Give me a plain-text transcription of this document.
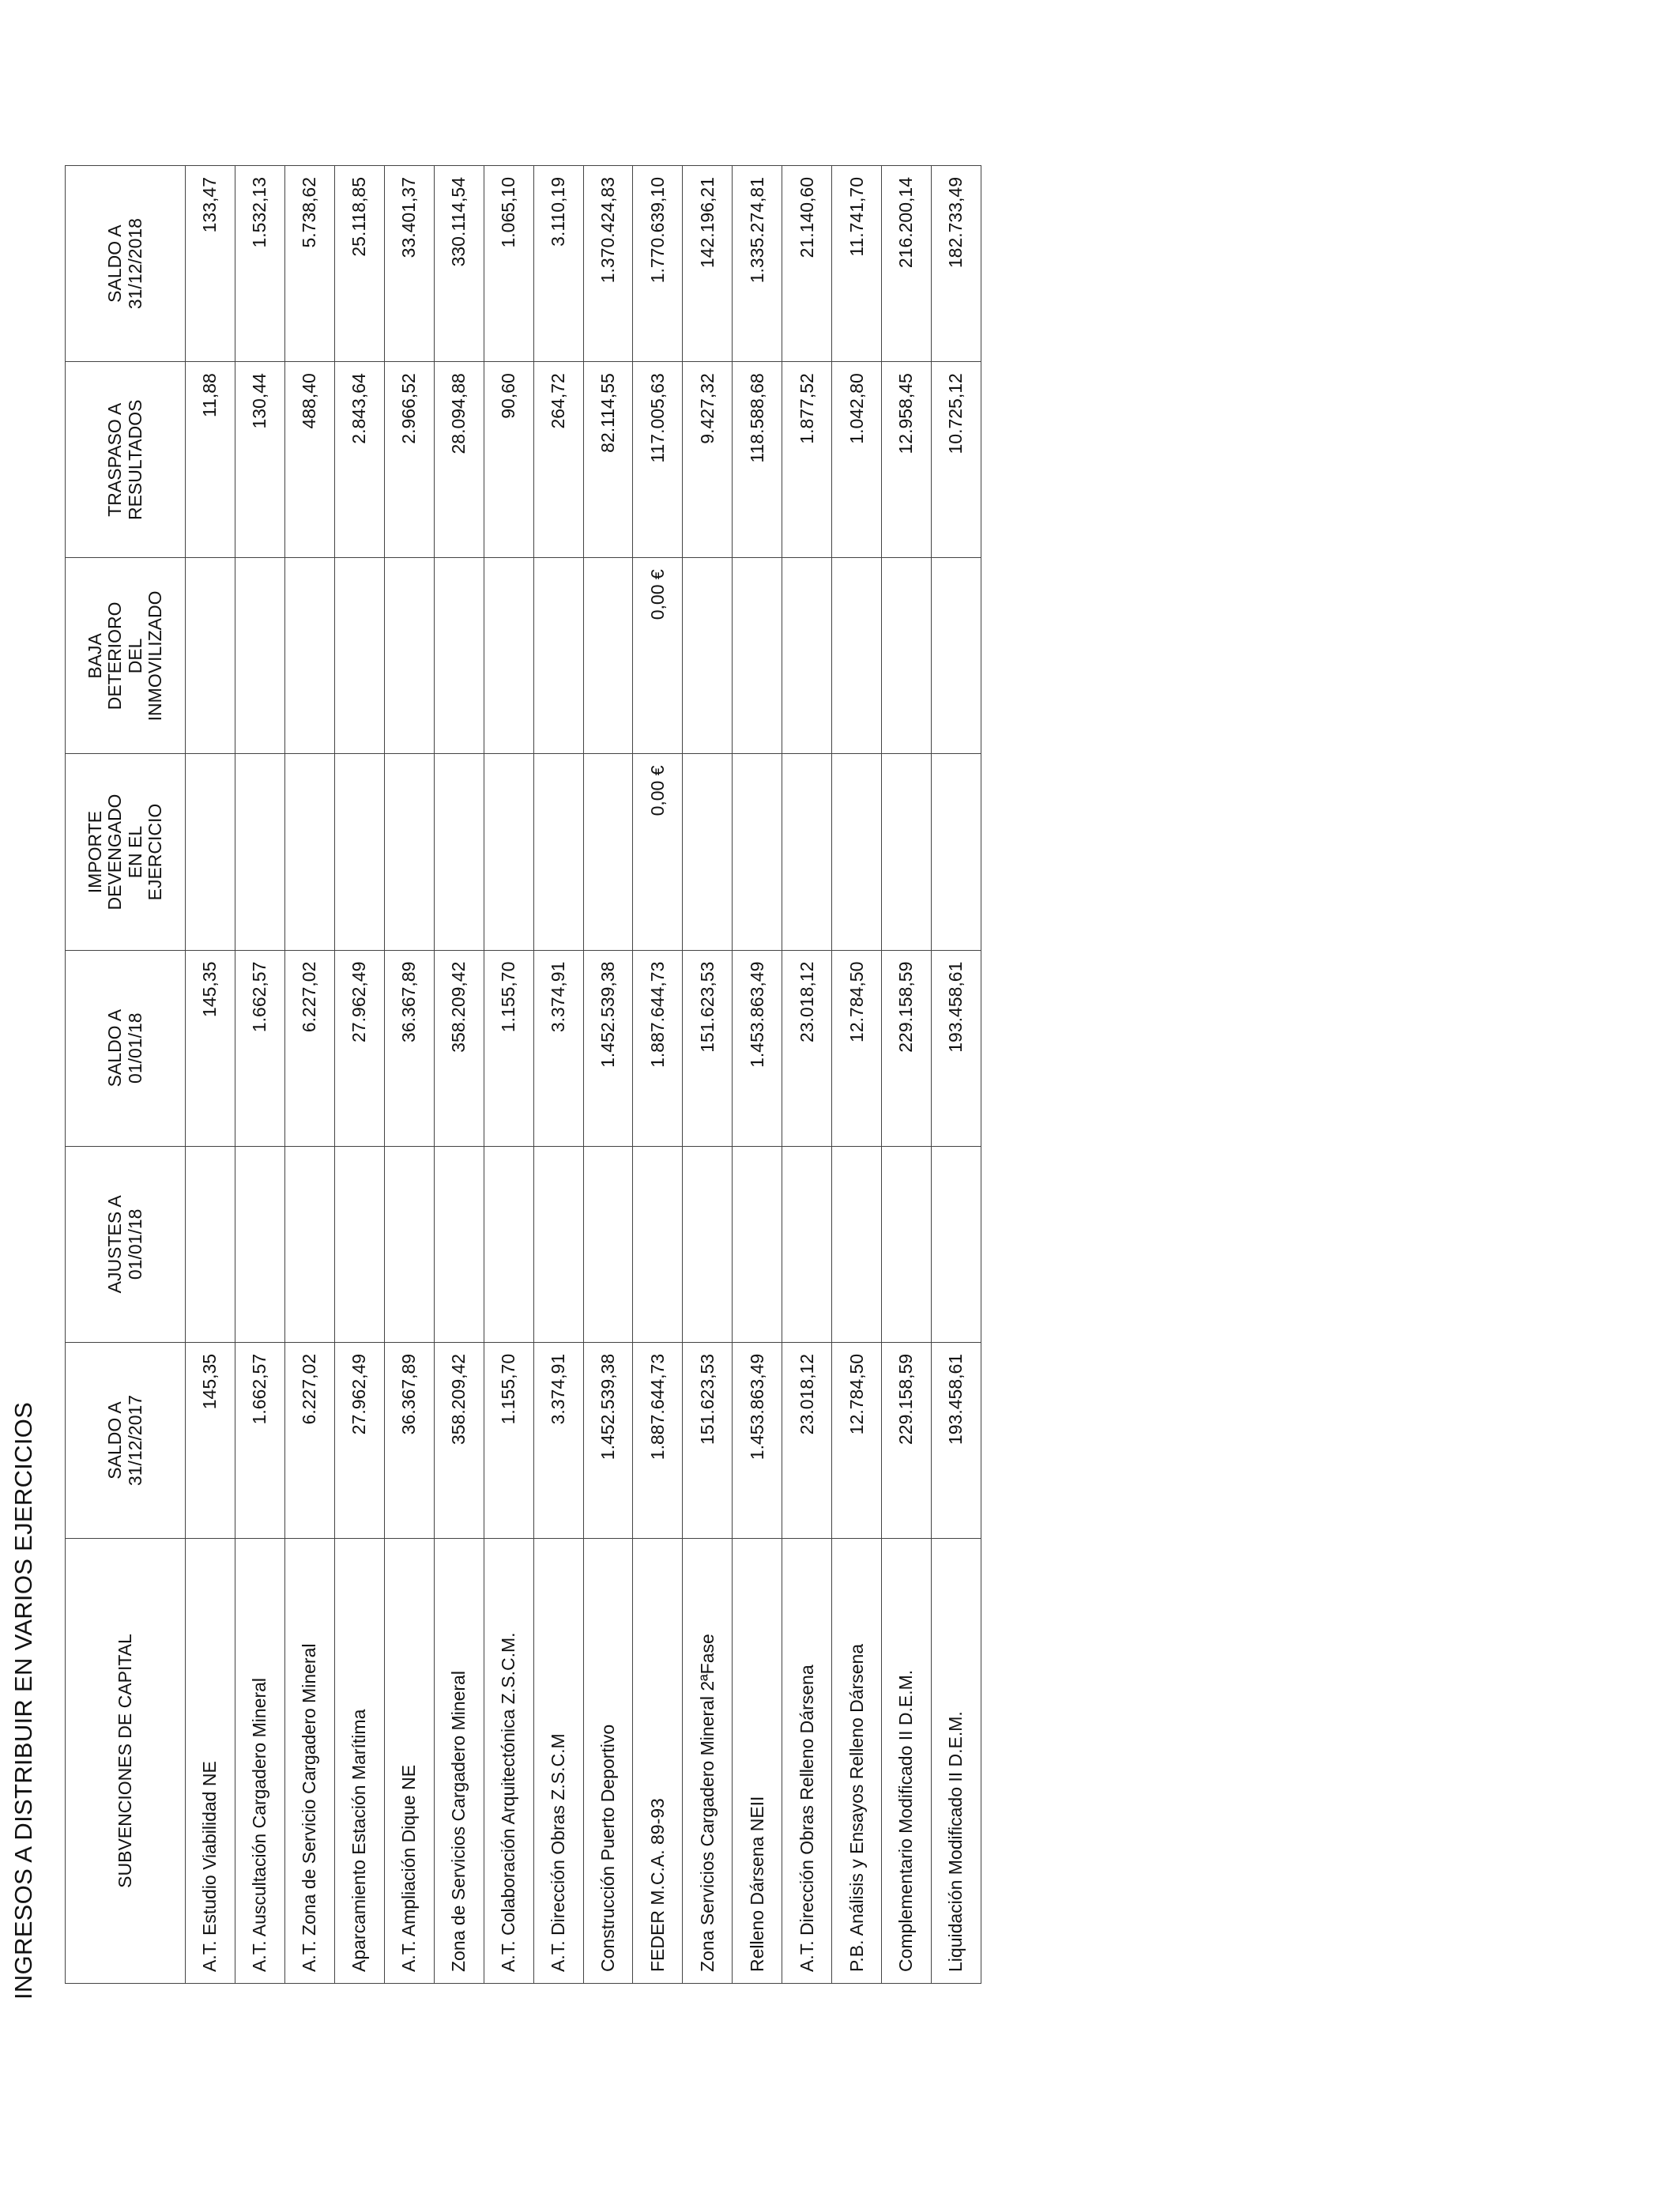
INGRESOS A DISTRIBUIR EN VARIOS EJERCICIOS	SUBVENCIONES DE CAPITAL	SALDO A
31/12/2017	AJUSTES A
01/01/18	SALDO A
01/01/18	IMPORTE
DEVENGADO
EN EL
EJERCICIO	BAJA
DETERIORO
DEL
INMOVILIZADO	TRASPASO A
RESULTADOS	SALDO A
31/12/2018
A.T. Estudio Viabilidad NE	145,35		145,35			11,88	133,47
A.T. Auscultación Cargadero Mineral	1.662,57		1.662,57			130,44	1.532,13
A.T. Zona de Servicio Cargadero Mineral	6.227,02		6.227,02			488,40	5.738,62
Aparcamiento Estación Marítima	27.962,49		27.962,49			2.843,64	25.118,85
A.T. Ampliación Dique NE	36.367,89		36.367,89			2.966,52	33.401,37
Zona de Servicios Cargadero Mineral	358.209,42		358.209,42			28.094,88	330.114,54
A.T. Colaboración Arquitectónica Z.S.C.M.	1.155,70		1.155,70			90,60	1.065,10
A.T. Dirección Obras Z.S.C.M	3.374,91		3.374,91			264,72	3.110,19
Construcción Puerto Deportivo	1.452.539,38		1.452.539,38			82.114,55	1.370.424,83
FEDER M.C.A. 89-93	1.887.644,73		1.887.644,73	0,00 €	0,00 €	117.005,63	1.770.639,10
Zona Servicios Cargadero Mineral 2ªFase	151.623,53		151.623,53			9.427,32	142.196,21
Relleno Dársena NEII	1.453.863,49		1.453.863,49			118.588,68	1.335.274,81
A.T. Dirección Obras Relleno Dársena	23.018,12		23.018,12			1.877,52	21.140,60
P.B. Análisis y Ensayos Relleno Dársena	12.784,50		12.784,50			1.042,80	11.741,70
Complementario Modificado II D.E.M.	229.158,59		229.158,59			12.958,45	216.200,14
Liquidación Modificado II D.E.M.	193.458,61		193.458,61			10.725,12	182.733,49
